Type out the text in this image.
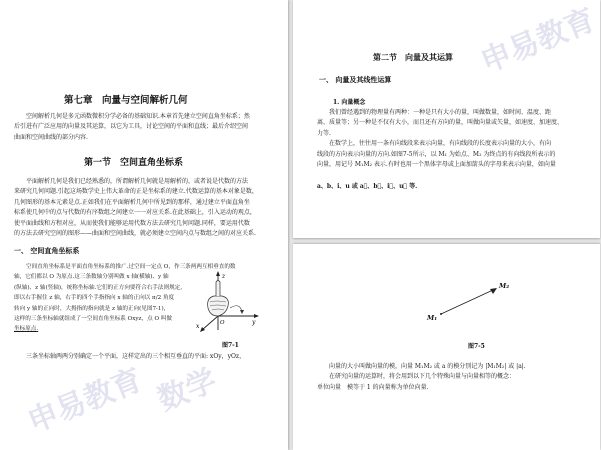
第七章　向量与空间解析几何
空间解析几何是多元函数微积分学必备的基础知识.本章首先建立空间直角坐标系；然
后引进有广泛应用的向量及其运算，以它为工具，讨论空间的平面和直线；最后介绍空间
曲面和空间曲线的部分内容.
第一节　空间直角坐标系
平面解析几何是我们已经熟悉的，所谓解析几何就是用解析的，或者说是代数的方法
来研究几何问题.引起这场数学史上伟大革命的正是坐标系的建立.代数运算的基本对象是数，
几何图形的基本元素是点.正如我们在平面解析几何中所见到的那样，通过建立平面直角坐
标系使几何中的点与代数的有序数组之间建立一一对应关系.在此基础上，引入运动的观点，
使平面曲线和方程对应，从而使我们能够运用代数方法去研究几何问题.同样，要运用代数
的方法去研究空间的图形——曲面和空间曲线，就必须建立空间内点与数组之间的对应关系.
一、 空间直角坐标系
空间直角坐标系是平面直角坐标系的推广.过空间一定点 O，作三条两两互相垂直的数
轴，它们都以 O 为原点.这三条数轴分别叫做 x 轴(横轴)、y 轴
(纵轴)、z 轴(竖轴)，统称坐标轴.它们的正方向要符合右手法则规定，
即以右手握住 z 轴，右手的四个手指指向 x 轴的正向以 π/2 角度
转向 y 轴的正向时，大拇指的指向就是 z 轴的正向(见图7-1)，
这样的三条坐标轴就组成了一空间直角坐标系 Oxyz，点 O 叫做
坐标原点.
z
y
x	O
图7-1
三条坐标轴两两分别确定一个平面，这样定出的三个相互垂直的平面: xOy，yOz，
申易教育 数学
第二节　向量及其运算
一、 向量及其线性运算
1. 向量概念
我们曾经遇到的物理量有两种：一种是只有大小的量，叫做数量，如时间、温度、距
离、质量等；另一种是不仅有大小，而且还有方向的量，叫做向量或矢量，如速度、加速度、
力等.
在数学上，往往用一条有向线段来表示向量，有向线段的长度表示向量的大小，有向
线段的方向表示向量的方向.如图7-5所示，以 M₁ 为始点、M₂ 为终点的有向线段所表示的
向量，用记号 M₁M₂ 表示.有时也用一个黑体字母或上面加箭头的字母来表示向量，如向量
a、b、i、u 或 a⃗、b⃗、i⃗、u⃗ 等.
申易教育
M₂
M₁
图7-5
向量的大小叫做向量的模，向量 M₁M₂ 或 a 的模分别记为 |M₁M₂| 或 |a|.
在研究向量的运算时，将会用到以下几个特殊向量与向量相等的概念：
单位向量　模等于 1 的向量称为单位向量.
